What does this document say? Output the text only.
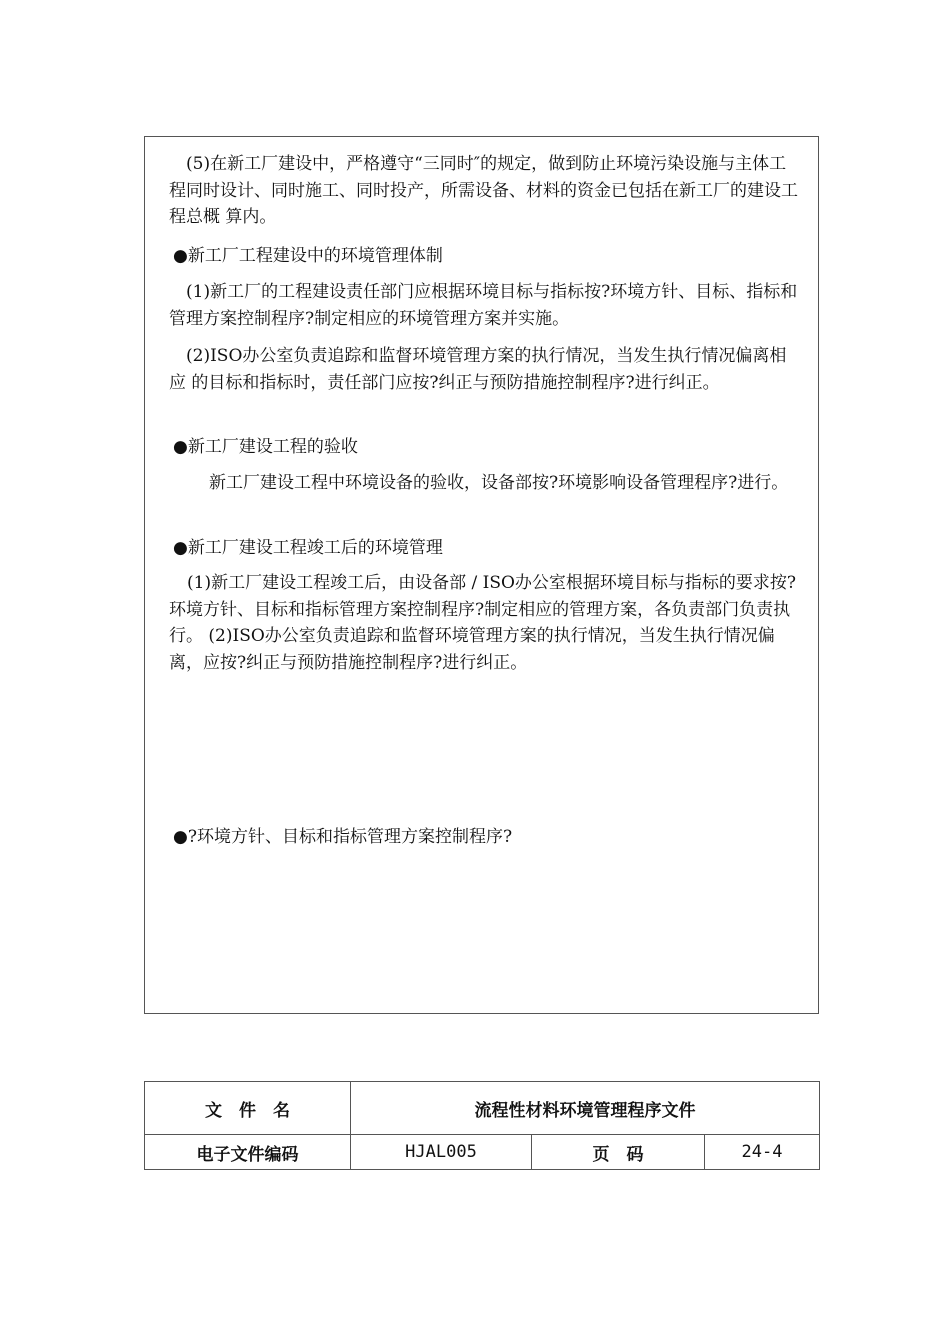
(5)在新工厂建设中，严格遵守“三同时″的规定，做到防止环境污染设施与主体工 程同时设计、同时施工、同时投产，所需设备、材料的资金已包括在新工厂的建设工程总概 算内。

●新工厂工程建设中的环境管理体制

(1)新工厂的工程建设责任部门应根据环境目标与指标按?环境方针、目标、指标和 管理方案控制程序?制定相应的环境管理方案并实施。

(2)ISO办公室负责追踪和监督环境管理方案的执行情况，当发生执行情况偏离相应 的目标和指标时，责任部门应按?纠正与预防措施控制程序?进行纠正。

●新工厂建设工程的验收

新工厂建设工程中环境设备的验收，设备部按?环境影响设备管理程序?进行。

●新工厂建设工程竣工后的环境管理

(1)新工厂建设工程竣工后，由设备部 / ISO办公室根据环境目标与指标的要求按? 环境方针、目标和指标管理方案控制程序?制定相应的管理方案，各负责部门负责执行。 (2)ISO办公室负责追踪和监督环境管理方案的执行情况，当发生执行情况偏离，应按?纠正与预防措施控制程序?进行纠正。

●?环境方针、目标和指标管理方案控制程序?

文　件　名	流程性材料环境管理程序文件		
电子文件编码	HJAL005	页　码	24-4
